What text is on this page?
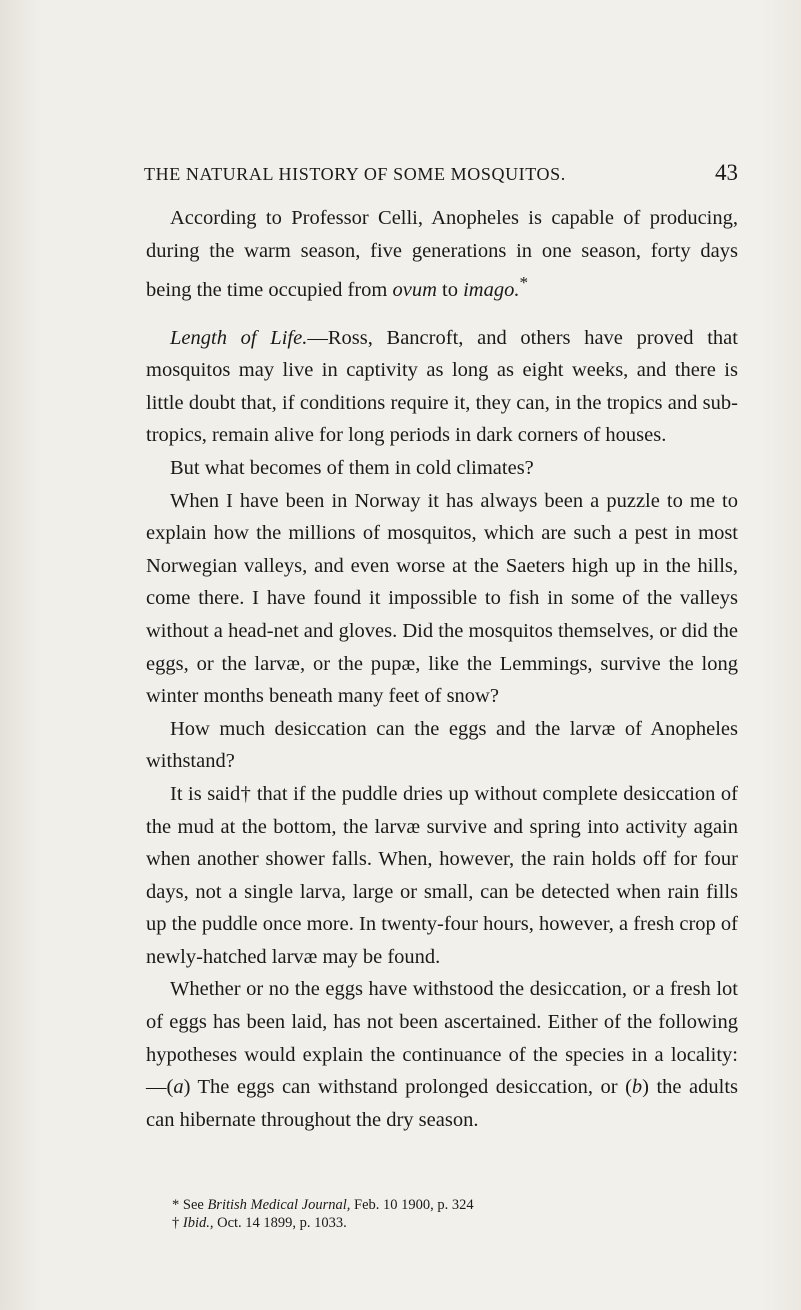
THE NATURAL HISTORY OF SOME MOSQUITOS.	43

According to Professor Celli, Anopheles is capable of producing, during the warm season, five generations in one season, forty days being the time occupied from ovum to imago.*

Length of Life.—Ross, Bancroft, and others have proved that mosquitos may live in captivity as long as eight weeks, and there is little doubt that, if conditions require it, they can, in the tropics and sub-tropics, remain alive for long periods in dark corners of houses.

But what becomes of them in cold climates?

When I have been in Norway it has always been a puzzle to me to explain how the millions of mosquitos, which are such a pest in most Norwegian valleys, and even worse at the Saeters high up in the hills, come there. I have found it impossible to fish in some of the valleys without a head-net and gloves. Did the mosquitos themselves, or did the eggs, or the larvæ, or the pupæ, like the Lemmings, survive the long winter months beneath many feet of snow?

How much desiccation can the eggs and the larvæ of Anopheles withstand?

It is said† that if the puddle dries up without complete desiccation of the mud at the bottom, the larvæ survive and spring into activity again when another shower falls. When, however, the rain holds off for four days, not a single larva, large or small, can be detected when rain fills up the puddle once more. In twenty-four hours, however, a fresh crop of newly-hatched larvæ may be found.

Whether or no the eggs have withstood the desiccation, or a fresh lot of eggs has been laid, has not been ascertained. Either of the following hypotheses would explain the continuance of the species in a locality:—(a) The eggs can withstand prolonged desiccation, or (b) the adults can hibernate throughout the dry season.

* See British Medical Journal, Feb. 10 1900, p. 324
† Ibid., Oct. 14 1899, p. 1033.
